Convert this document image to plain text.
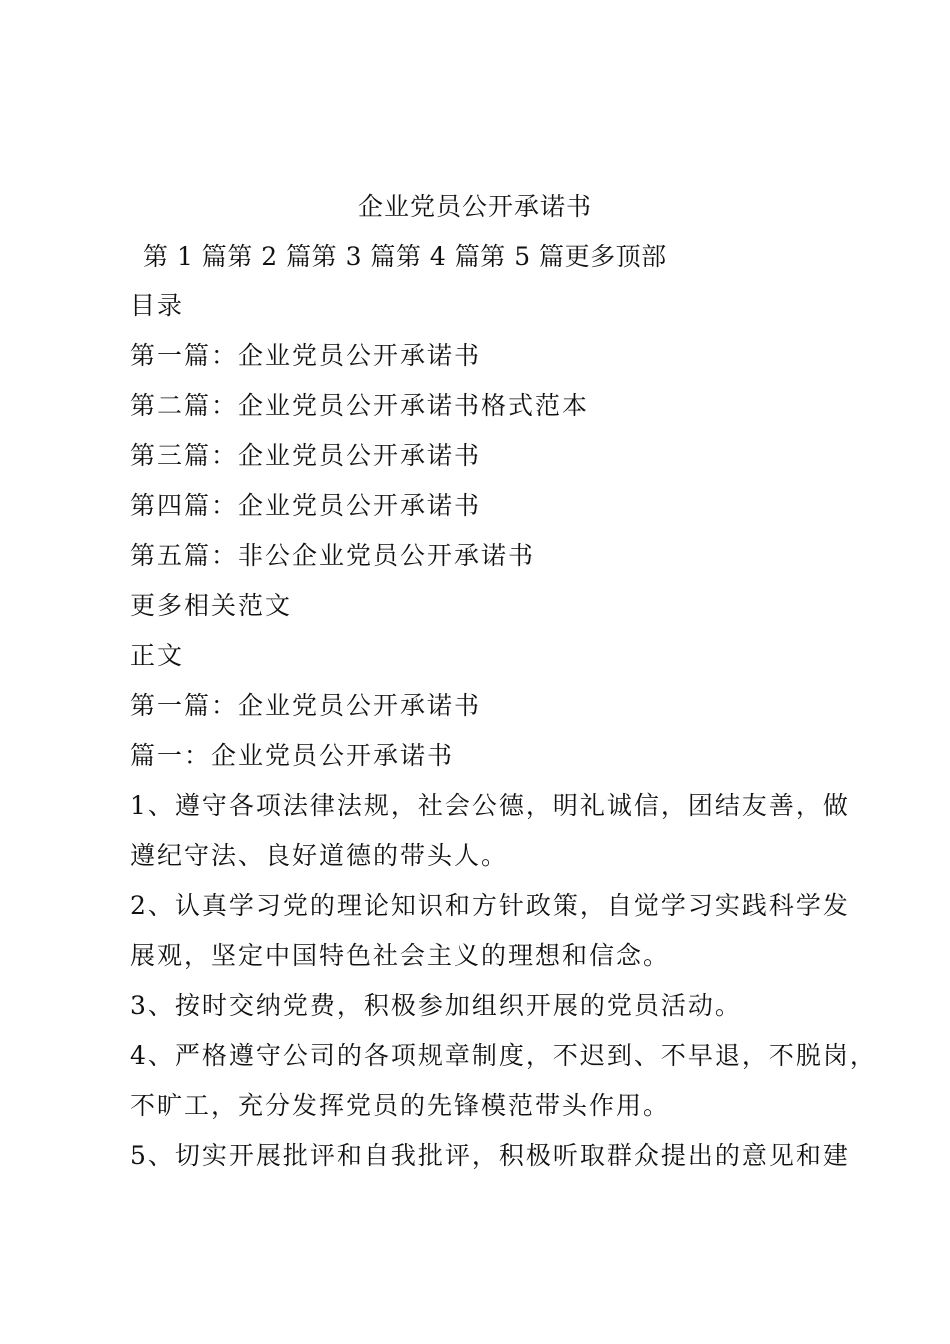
企业党员公开承诺书
第 1 篇第 2 篇第 3 篇第 4 篇第 5 篇更多顶部
目录
第一篇：企业党员公开承诺书
第二篇：企业党员公开承诺书格式范本
第三篇：企业党员公开承诺书
第四篇：企业党员公开承诺书
第五篇：非公企业党员公开承诺书
更多相关范文
正文
第一篇：企业党员公开承诺书
篇一：企业党员公开承诺书
1、遵守各项法律法规，社会公德，明礼诚信，团结友善，做
遵纪守法、良好道德的带头人。
2、认真学习党的理论知识和方针政策，自觉学习实践科学发
展观，坚定中国特色社会主义的理想和信念。
3、按时交纳党费，积极参加组织开展的党员活动。
4、严格遵守公司的各项规章制度，不迟到、不早退，不脱岗，
不旷工，充分发挥党员的先锋模范带头作用。
5、切实开展批评和自我批评，积极听取群众提出的意见和建
